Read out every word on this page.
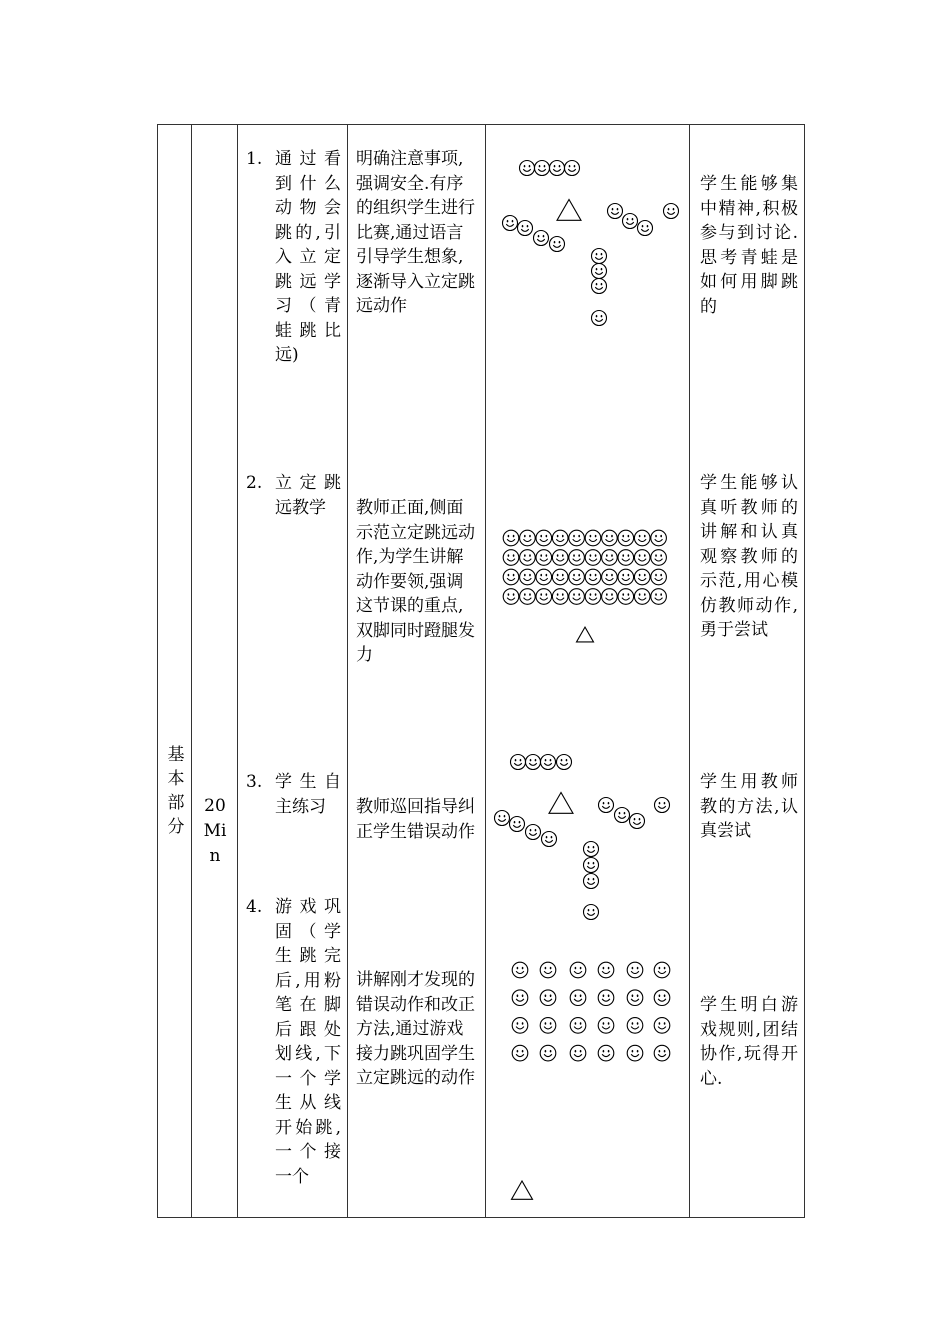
基本部分
20
Min
1. 通过看到什么动物会跳的,引入立定跳远学习（青蛙跳比远)
明确注意事项,强调安全.有序的组织学生进行比赛,通过语言引导学生想象,逐渐导入立定跳远动作
学生能够集中精神,积极参与到讨论. 思考青蛙是如何用脚跳的
2. 立定跳远教学	教师正面,侧面示范立定跳远动作,为学生讲解动作要领,强调这节课的重点,双脚同时蹬腿发力
学生能够认真听教师的讲解和认真观察教师的示范,用心模仿教师动作,勇于尝试
3. 学生自主练习	教师巡回指导纠正学生错误动作
学生用教师教的方法,认真尝试
4. 游戏巩固（学生跳完后,用粉笔在脚后跟处划线,下一个学生从线开始跳,一个接一个
讲解刚才发现的错误动作和改正方法,通过游戏接力跳巩固学生立定跳远的动作
学生明白游戏规则,团结协作,玩得开心.
